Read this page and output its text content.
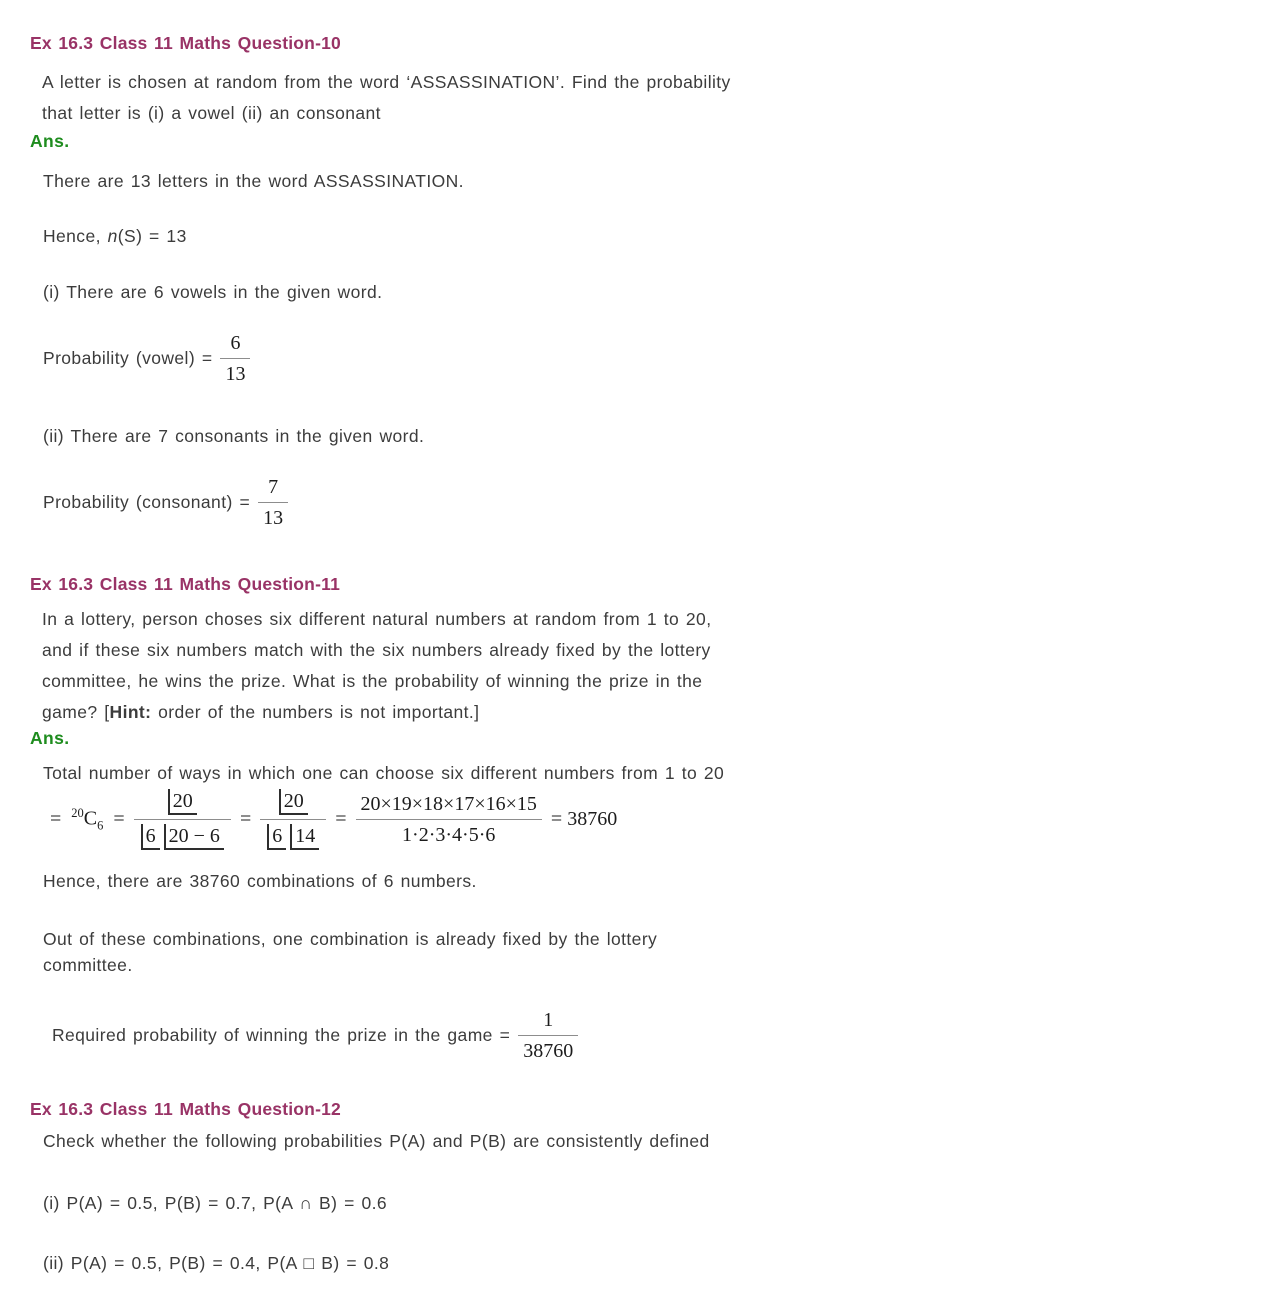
Ex 16.3 Class 11 Maths Question-10
A letter is chosen at random from the word ‘ASSASSINATION’. Find the probability
that letter is (i) a vowel (ii) an consonant
Ans.
There are 13 letters in the word ASSASSINATION.
Hence, n(S) = 13
(i) There are 6 vowels in the given word.
Probability (vowel) = $\frac{6}{13}$
(ii) There are 7 consonants in the given word.
Probability (consonant) = $\frac{7}{13}$
Ex 16.3 Class 11 Maths Question-11
In a lottery, person choses six different natural numbers at random from 1 to 20,
and if these six numbers match with the six numbers already fixed by the lottery
committee, he wins the prize. What is the probability of winning the prize in the
game? [Hint: order of the numbers is not important.]
Ans.
Total number of ways in which one can choose six different numbers from 1 to 20
= $^{20}C_6 = \frac{20}{6 20 - 6} = \frac{20}{6 14} = \frac{20\times 19\times 18\times 17\times 16\times 15}{1\cdot 2\cdot 3\cdot 4\cdot 5\cdot 6} = 38760$
Hence, there are 38760 combinations of 6 numbers.
Out of these combinations, one combination is already fixed by the lottery
committee.
Required probability of winning the prize in the game = $\frac{1}{38760}$
Ex 16.3 Class 11 Maths Question-12
Check whether the following probabilities P(A) and P(B) are consistently defined
(i) P(A) = 0.5, P(B) = 0.7, P(A ∩ B) = 0.6
(ii) P(A) = 0.5, P(B) = 0.4, P(A □ B) = 0.8
